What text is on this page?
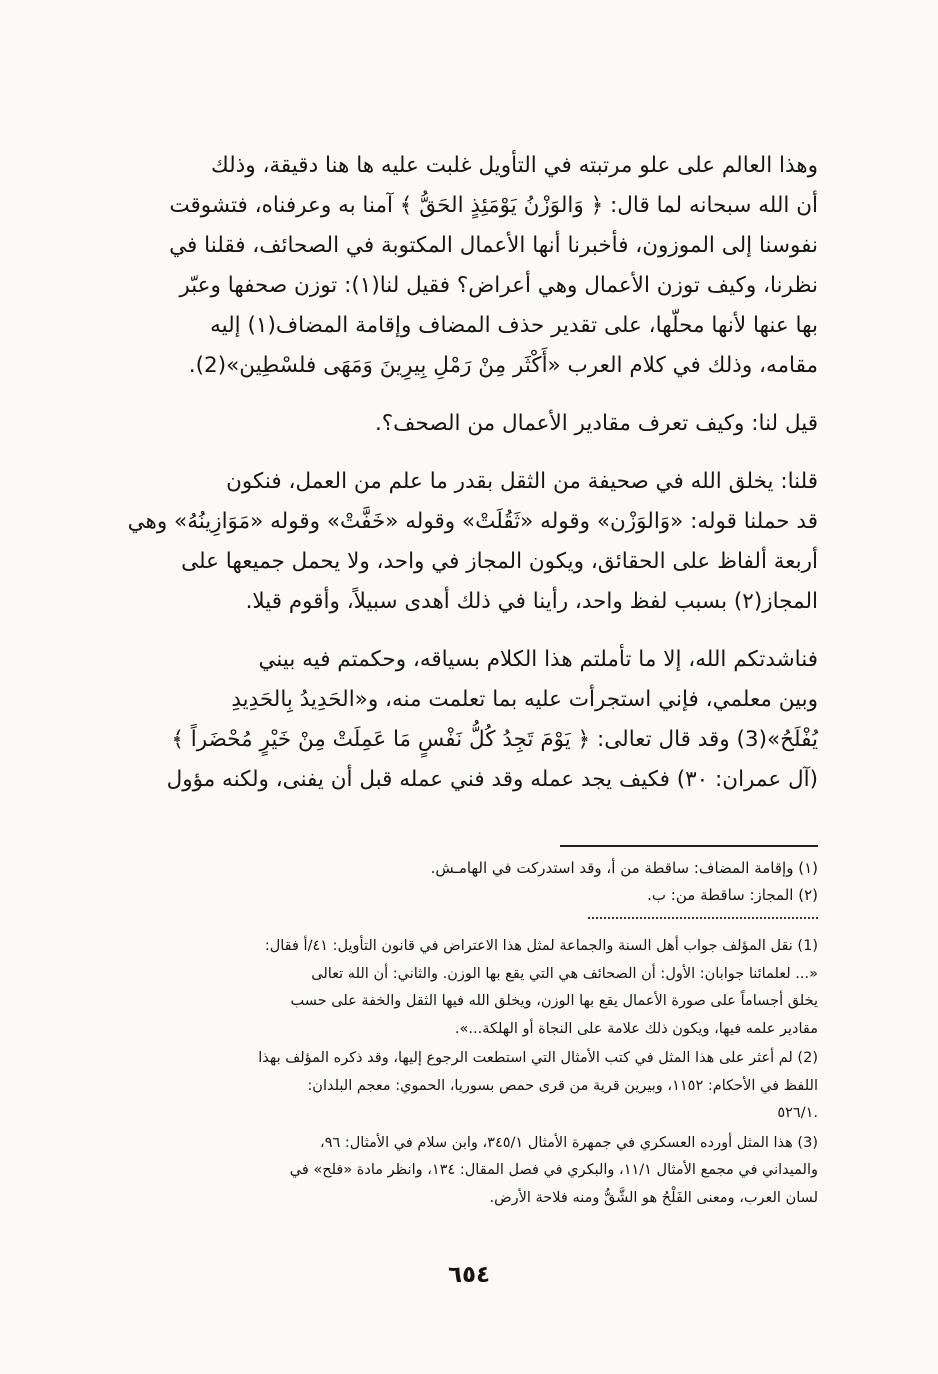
وهذا العالم على علو مرتبته في التأويل غلبت عليه ها هنا دقيقة، وذلك
أن الله سبحانه لما قال: ﴿ وَالوَزْنُ يَوْمَئِذٍ الحَقُّ ﴾ آمنا به وعرفناه، فتشوقت
نفوسنا إلى الموزون، فأخبرنا أنها الأعمال المكتوبة في الصحائف، فقلنا في
نظرنا، وكيف توزن الأعمال وهي أعراض؟ فقيل لنا(١): توزن صحفها وعبّر
بها عنها لأنها محلّها، على تقدير حذف المضاف وإقامة المضاف(١) إليه
مقامه، وذلك في كلام العرب «أَكْثَر مِنْ رَمْلِ بِيرِينَ وَمَهَى فلسْطِين»(2).

قيل لنا: وكيف تعرف مقادير الأعمال من الصحف؟.

قلنا: يخلق الله في صحيفة من الثقل بقدر ما علم من العمل، فنكون
قد حملنا قوله: «وَالوَزْن» وقوله «ثَقُلَتْ» وقوله «خَفَّتْ» وقوله «مَوَازِينُهُ» وهي
أربعة ألفاظ على الحقائق، ويكون المجاز في واحد، ولا يحمل جميعها على
المجاز(٢) بسبب لفظ واحد، رأينا في ذلك أهدى سبيلاً، وأقوم قيلا.

فناشدتكم الله، إلا ما تأملتم هذا الكلام بسياقه، وحكمتم فيه بيني
وبين معلمي، فإني استجرأت عليه بما تعلمت منه، و«الحَدِيدُ بِالحَدِيدِ
يُفْلَحُ»(3) وقد قال تعالى: ﴿ يَوْمَ تَجِدُ كُلُّ نَفْسٍ مَا عَمِلَتْ مِنْ خَيْرٍ مُحْضَراً ﴾
(آل عمران: ٣٠) فكيف يجد عمله وقد فني عمله قبل أن يفنى، ولكنه مؤول

(١) وإقامة المضاف: ساقطة من أ، وقد استدركت في الهامـش.
(٢) المجاز: ساقطة من: ب.

(1) نقل المؤلف جواب أهل السنة والجماعة لمثل هذا الاعتراض في قانون التأويل: ٤١/أ فقال:
«... لعلمائنا جوابان: الأول: أن الصحائف هي التي يقع بها الوزن. والثاني: أن الله تعالى
يخلق أجساماً على صورة الأعمال يقع بها الوزن، ويخلق الله فيها الثقل والخفة على حسب
مقادير علمه فيها، ويكون ذلك علامة على النجاة أو الهلكة...».

(2) لم أعثر على هذا المثل في كتب الأمثال التي استطعت الرجوع إليها، وقد ذكره المؤلف بهذا
اللفظ في الأحكام: ١١٥٢، وبيرين قرية من قرى حمص بسوريا، الحموي: معجم البلدان:
.٥٢٦/١

(3) هذا المثل أورده العسكري في جمهرة الأمثال ٣٤٥/١، وابن سلام في الأمثال: ٩٦،
والميداني في مجمع الأمثال ١١/١، والبكري في فصل المقال: ١٣٤، وانظر مادة «فلح» في
لسان العرب، ومعنى الفَلْحُ هو الشَّقُّ ومنه فلاحة الأرض.

٦٥٤
